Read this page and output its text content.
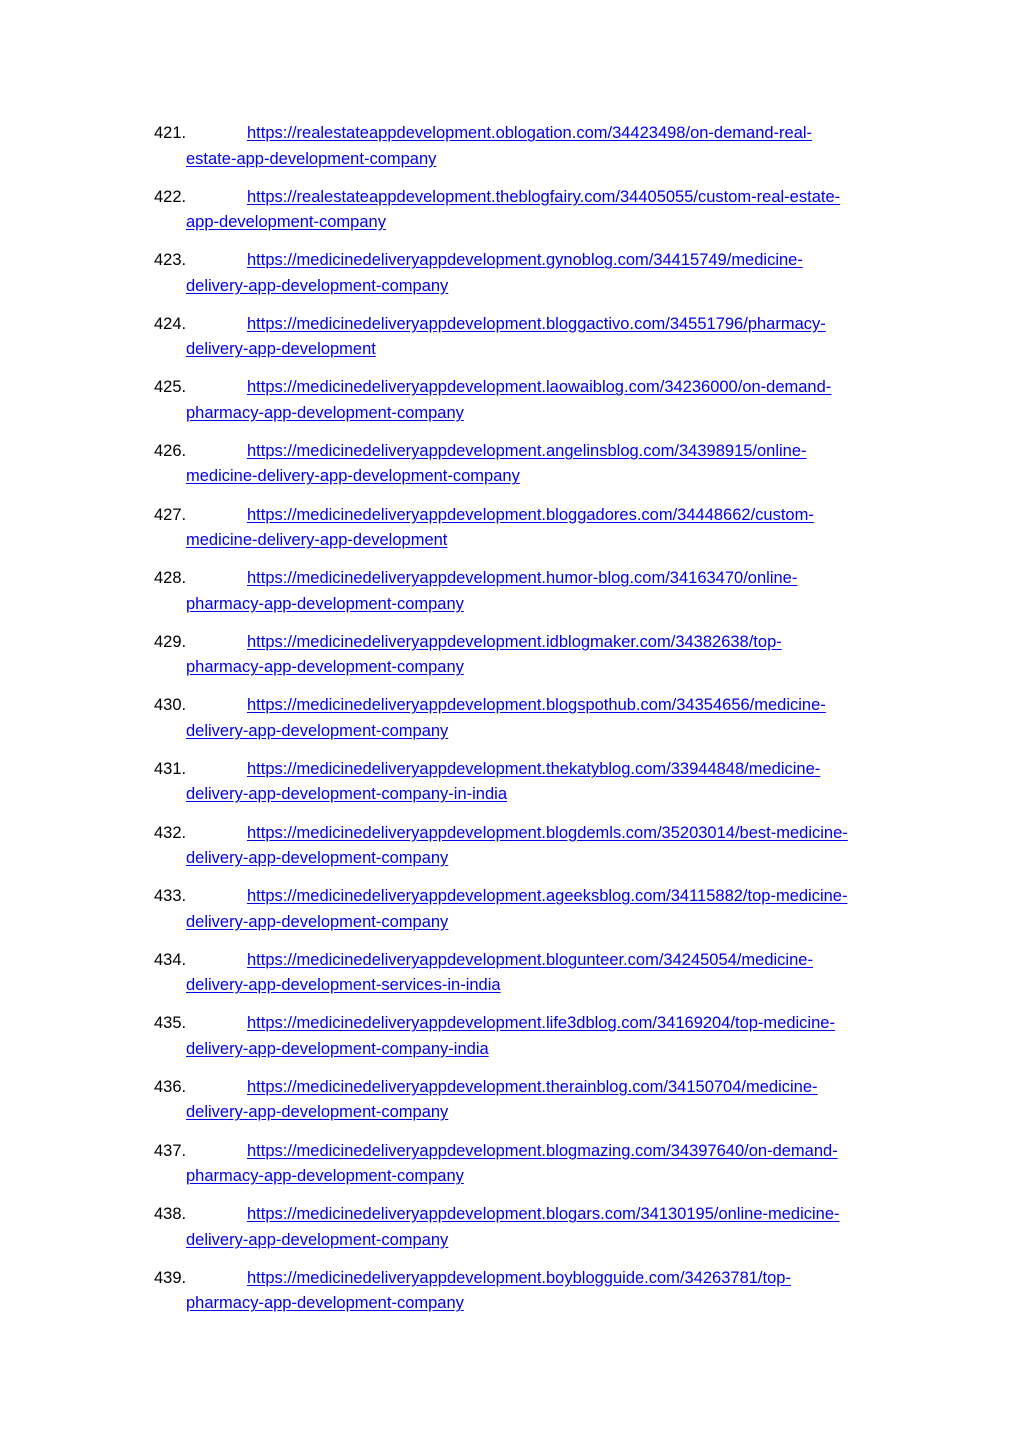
421.	https://realestateappdevelopment.oblogation.com/34423498/on-demand-real-
estate-app-development-company
422.	https://realestateappdevelopment.theblogfairy.com/34405055/custom-real-estate-
app-development-company
423.	https://medicinedeliveryappdevelopment.gynoblog.com/34415749/medicine-
delivery-app-development-company
424.	https://medicinedeliveryappdevelopment.bloggactivo.com/34551796/pharmacy-
delivery-app-development
425.	https://medicinedeliveryappdevelopment.laowaiblog.com/34236000/on-demand-
pharmacy-app-development-company
426.	https://medicinedeliveryappdevelopment.angelinsblog.com/34398915/online-
medicine-delivery-app-development-company
427.	https://medicinedeliveryappdevelopment.bloggadores.com/34448662/custom-
medicine-delivery-app-development
428.	https://medicinedeliveryappdevelopment.humor-blog.com/34163470/online-
pharmacy-app-development-company
429.	https://medicinedeliveryappdevelopment.idblogmaker.com/34382638/top-
pharmacy-app-development-company
430.	https://medicinedeliveryappdevelopment.blogspothub.com/34354656/medicine-
delivery-app-development-company
431.	https://medicinedeliveryappdevelopment.thekatyblog.com/33944848/medicine-
delivery-app-development-company-in-india
432.	https://medicinedeliveryappdevelopment.blogdemls.com/35203014/best-medicine-
delivery-app-development-company
433.	https://medicinedeliveryappdevelopment.ageeksblog.com/34115882/top-medicine-
delivery-app-development-company
434.	https://medicinedeliveryappdevelopment.blogunteer.com/34245054/medicine-
delivery-app-development-services-in-india
435.	https://medicinedeliveryappdevelopment.life3dblog.com/34169204/top-medicine-
delivery-app-development-company-india
436.	https://medicinedeliveryappdevelopment.therainblog.com/34150704/medicine-
delivery-app-development-company
437.	https://medicinedeliveryappdevelopment.blogmazing.com/34397640/on-demand-
pharmacy-app-development-company
438.	https://medicinedeliveryappdevelopment.blogars.com/34130195/online-medicine-
delivery-app-development-company
439.	https://medicinedeliveryappdevelopment.boyblogguide.com/34263781/top-
pharmacy-app-development-company
